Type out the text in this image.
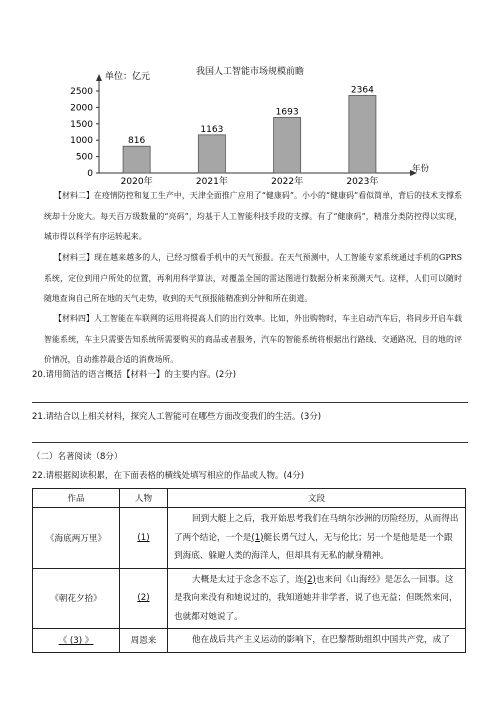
我国人工智能市场规模前瞻
0
500
1000
1500
2000
2500
单位：亿元
年份
816
2020年
1163
2021年
1693
2022年
2364
2023年
【材料二】在疫情防控和复工生产中，天津全面推广应用了“健康码”。小小的“健康码”看似简单，背后的技术支撑系统却十分庞大。每天百万级数量的“亮码”，均基于人工智能科技手段的支撑。有了“健康码”，精准分类防控得以实现，城市得以科学有序运转起来。
【材料三】现在越来越多的人，已经习惯看手机中的天气预报。在天气预测中，人工智能专家系统通过手机的GPRS系统，定位到用户所处的位置，再利用科学算法，对覆盖全国的雷达图进行数据分析来预测天气。这样，人们可以随时随地查询自己所在地的天气走势，收到的天气预报能精准到分钟和所在街道。
【材料四】人工智能在车联网的运用将提高人们的出行效率。比如，外出购物时，车主启动汽车后，将同步开启车载智能系统，车主只需要告知系统所需要购买的商品或者服务，汽车的智能系统将根据出行路线、交通路况、目的地的评价情况，自动推荐最合适的消费场所。
20.请用简洁的语言概括【材料一】的主要内容。(2分)
21.请结合以上相关材料，探究人工智能可在哪些方面改变我们的生活。(3分)
（二）名著阅读（8分）
22.请根据阅读积累，在下面表格的横线处填写相应的作品或人物。(4分)
作品	人物	文段
《海底两万里》	(1)	回到大艇上之后，我开始思考我们在马纳尔沙洲的历险经历，从而得出了两个结论，一个是(1)艇长勇气过人，无与伦比；另一个是他是是一个跟到海底、躲避人类的海洋人，但却具有无私的献身精神。
《朝花夕拾》	(2)	大概是太过于念念不忘了，连(2)也来问《山海经》是怎么一回事。这是我向来没有和她说过的，我知道她并非学者，说了也无益；但既然来问，也就都对她说了。
《 (3) 》	周恩来	他在战后共产主义运动的影响下，在巴黎帮助组织中国共产党，成了
